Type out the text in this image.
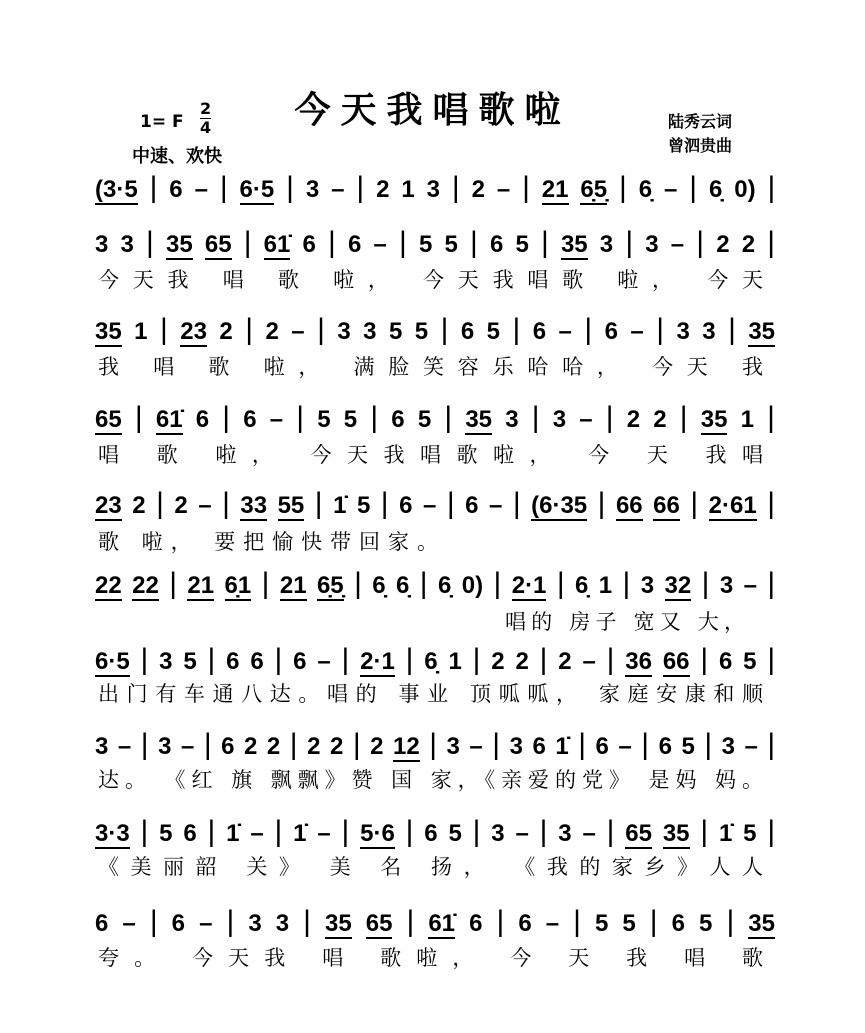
今天我唱歌啦
1= F
2
4
中速、欢快
陆秀云词
曾泗贵曲
(3·5 | 6 – | 6·5 | 3 – | 2 1 3 | 2 – | 21 6̣5̣ | 6̣ – | 6̣ 0) |
3 3 | 35 65 | 61̇ 6 | 6 – | 5 5 | 6 5 | 35 3 | 3 – | 2 2 |
今天我 唱 歌 啦， 今天我唱歌 啦， 今天
35 1 | 23 2 | 2 – | 3 3 5 5 | 6 5 | 6 – | 6 – | 3 3 | 35
我 唱 歌 啦， 满脸笑容乐哈哈， 今天 我
65 | 61̇ 6 | 6 – | 5 5 | 6 5 | 35 3 | 3 – | 2 2 | 35 1 |
唱 歌 啦， 今天我唱歌啦， 今 天 我唱
23 2 | 2 – | 33 55 | 1̇ 5 | 6 – | 6 – | (6·35 | 66 66 | 2·61 |
歌 啦， 要把愉快带回家。
22 22 | 21 6̣1 | 21 6̣5̣ | 6̣ 6̣ | 6̣ 0) | 2·1 | 6̣ 1 | 3 32 | 3 – |
唱的 房子 宽又 大，
6·5 | 3 5 | 6 6 | 6 – | 2·1 | 6̣ 1 | 2 2 | 2 – | 36 66 | 6 5 |
出门有车通八达。唱的 事业 顶呱呱， 家庭安康和顺
3 – | 3 – | 6 2 2 | 2 2 | 2 12 | 3 – | 3 6 1̇ | 6 – | 6 5 | 3 – |
达。 《红 旗 飘飘》赞 国 家，《亲爱的党》 是妈 妈。
3·3 | 5 6 | 1̇ – | 1̇ – | 5·6 | 6 5 | 3 – | 3 – | 65 35 | 1̇ 5 |
《美丽韶 关》 美 名 扬， 《我的家乡》人人
6 – | 6 – | 3 3 | 35 65 | 61̇ 6 | 6 – | 5 5 | 6 5 | 35
夸。 今天我 唱 歌啦， 今 天 我 唱 歌
